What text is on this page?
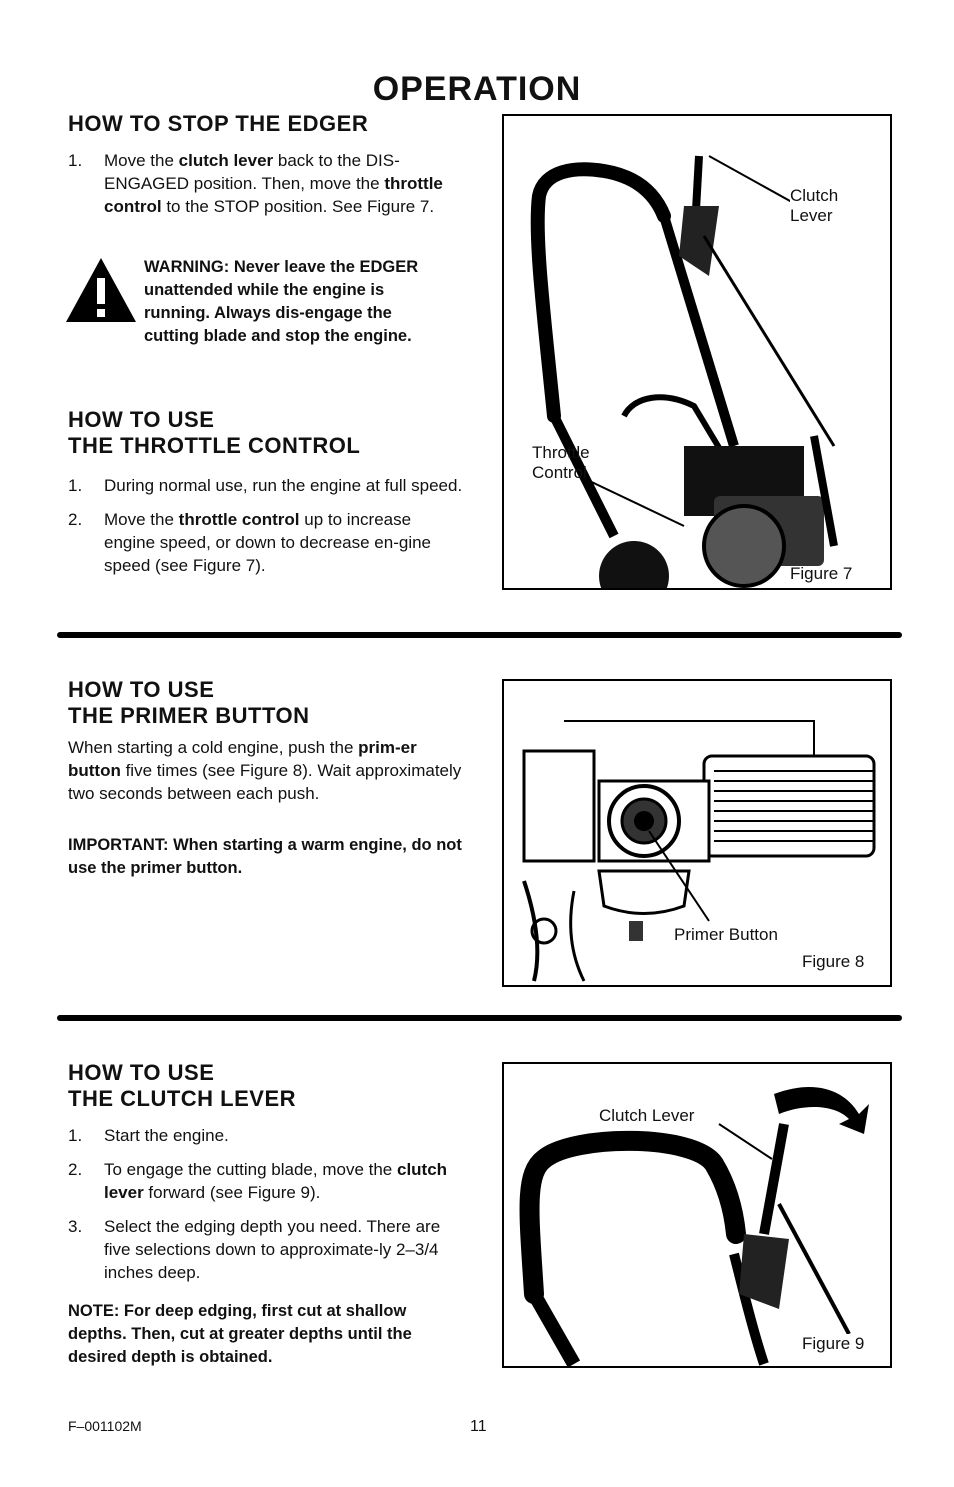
OPERATION
HOW TO STOP THE EDGER
1. Move the clutch lever back to the DIS-ENGAGED position. Then, move the throttle control to the STOP position. See Figure 7.
WARNING: Never leave the EDGER unattended while the engine is running. Always dis-engage the cutting blade and stop the engine.
HOW TO USE
THE THROTTLE CONTROL
1. During normal use, run the engine at full speed.
2. Move the throttle control up to increase engine speed, or down to decrease en-gine speed (see Figure 7).
Clutch
Lever
Throttle
Control
Figure 7
HOW TO USE
THE PRIMER BUTTON
When starting a cold engine, push the prim-er button five times (see Figure 8). Wait approximately two seconds between each push.
IMPORTANT: When starting a warm engine, do not use the primer button.
Primer Button
Figure 8
HOW TO USE
THE CLUTCH LEVER
1. Start the engine.
2. To engage the cutting blade, move the clutch lever forward (see Figure 9).
3. Select the edging depth you need. There are five selections down to approximate-ly 2–3/4 inches deep.
NOTE: For deep edging, first cut at shallow depths. Then, cut at greater depths until the desired depth is obtained.
Clutch Lever
Figure 9
F–001102M	11
